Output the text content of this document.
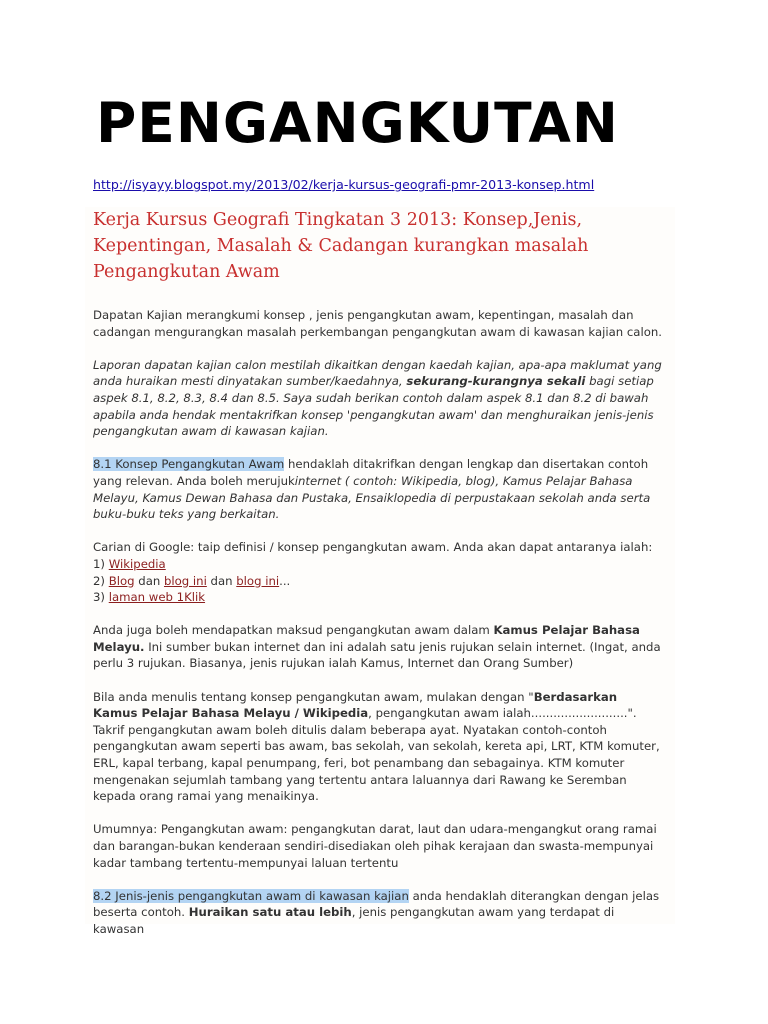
PENGANGKUTAN
http://isyayy.blogspot.my/2013/02/kerja-kursus-geografi-pmr-2013-konsep.html
Kerja Kursus Geografi Tingkatan 3 2013: Konsep,Jenis, Kepentingan, Masalah & Cadangan kurangkan masalah Pengangkutan Awam

Dapatan Kajian merangkumi konsep , jenis pengangkutan awam, kepentingan, masalah dan cadangan mengurangkan masalah perkembangan pengangkutan awam di kawasan kajian calon.

Laporan dapatan kajian calon mestilah dikaitkan dengan kaedah kajian, apa-apa maklumat yang anda huraikan mesti dinyatakan sumber/kaedahnya, sekurang-kurangnya sekali bagi setiap aspek 8.1, 8.2, 8.3, 8.4 dan 8.5. Saya sudah berikan contoh dalam aspek 8.1 dan 8.2 di bawah apabila anda hendak mentakrifkan konsep 'pengangkutan awam' dan menghuraikan jenis-jenis pengangkutan awam di kawasan kajian.

8.1 Konsep Pengangkutan Awam hendaklah ditakrifkan dengan lengkap dan disertakan contoh yang relevan. Anda boleh merujukinternet ( contoh: Wikipedia, blog), Kamus Pelajar Bahasa Melayu, Kamus Dewan Bahasa dan Pustaka, Ensaiklopedia di perpustakaan sekolah anda serta buku-buku teks yang berkaitan.

Carian di Google: taip definisi / konsep pengangkutan awam. Anda akan dapat antaranya ialah:
1) Wikipedia
2) Blog dan blog ini dan blog ini...
3) laman web 1Klik

Anda juga boleh mendapatkan maksud pengangkutan awam dalam Kamus Pelajar Bahasa Melayu. Ini sumber bukan internet dan ini adalah satu jenis rujukan selain internet. (Ingat, anda perlu 3 rujukan. Biasanya, jenis rujukan ialah Kamus, Internet dan Orang Sumber)

Bila anda menulis tentang konsep pengangkutan awam, mulakan dengan "Berdasarkan Kamus Pelajar Bahasa Melayu / Wikipedia, pengangkutan awam ialah..........................". Takrif pengangkutan awam boleh ditulis dalam beberapa ayat. Nyatakan contoh-contoh pengangkutan awam seperti bas awam, bas sekolah, van sekolah, kereta api, LRT, KTM komuter, ERL, kapal terbang, kapal penumpang, feri, bot penambang dan sebagainya. KTM komuter mengenakan sejumlah tambang yang tertentu antara laluannya dari Rawang ke Seremban kepada orang ramai yang menaikinya.

Umumnya: Pengangkutan awam: pengangkutan darat, laut dan udara-mengangkut orang ramai dan barangan-bukan kenderaan sendiri-disediakan oleh pihak kerajaan dan swasta-mempunyai kadar tambang tertentu-mempunyai laluan tertentu

8.2 Jenis-jenis pengangkutan awam di kawasan kajian anda hendaklah diterangkan dengan jelas beserta contoh. Huraikan satu atau lebih, jenis pengangkutan awam yang terdapat di kawasan
